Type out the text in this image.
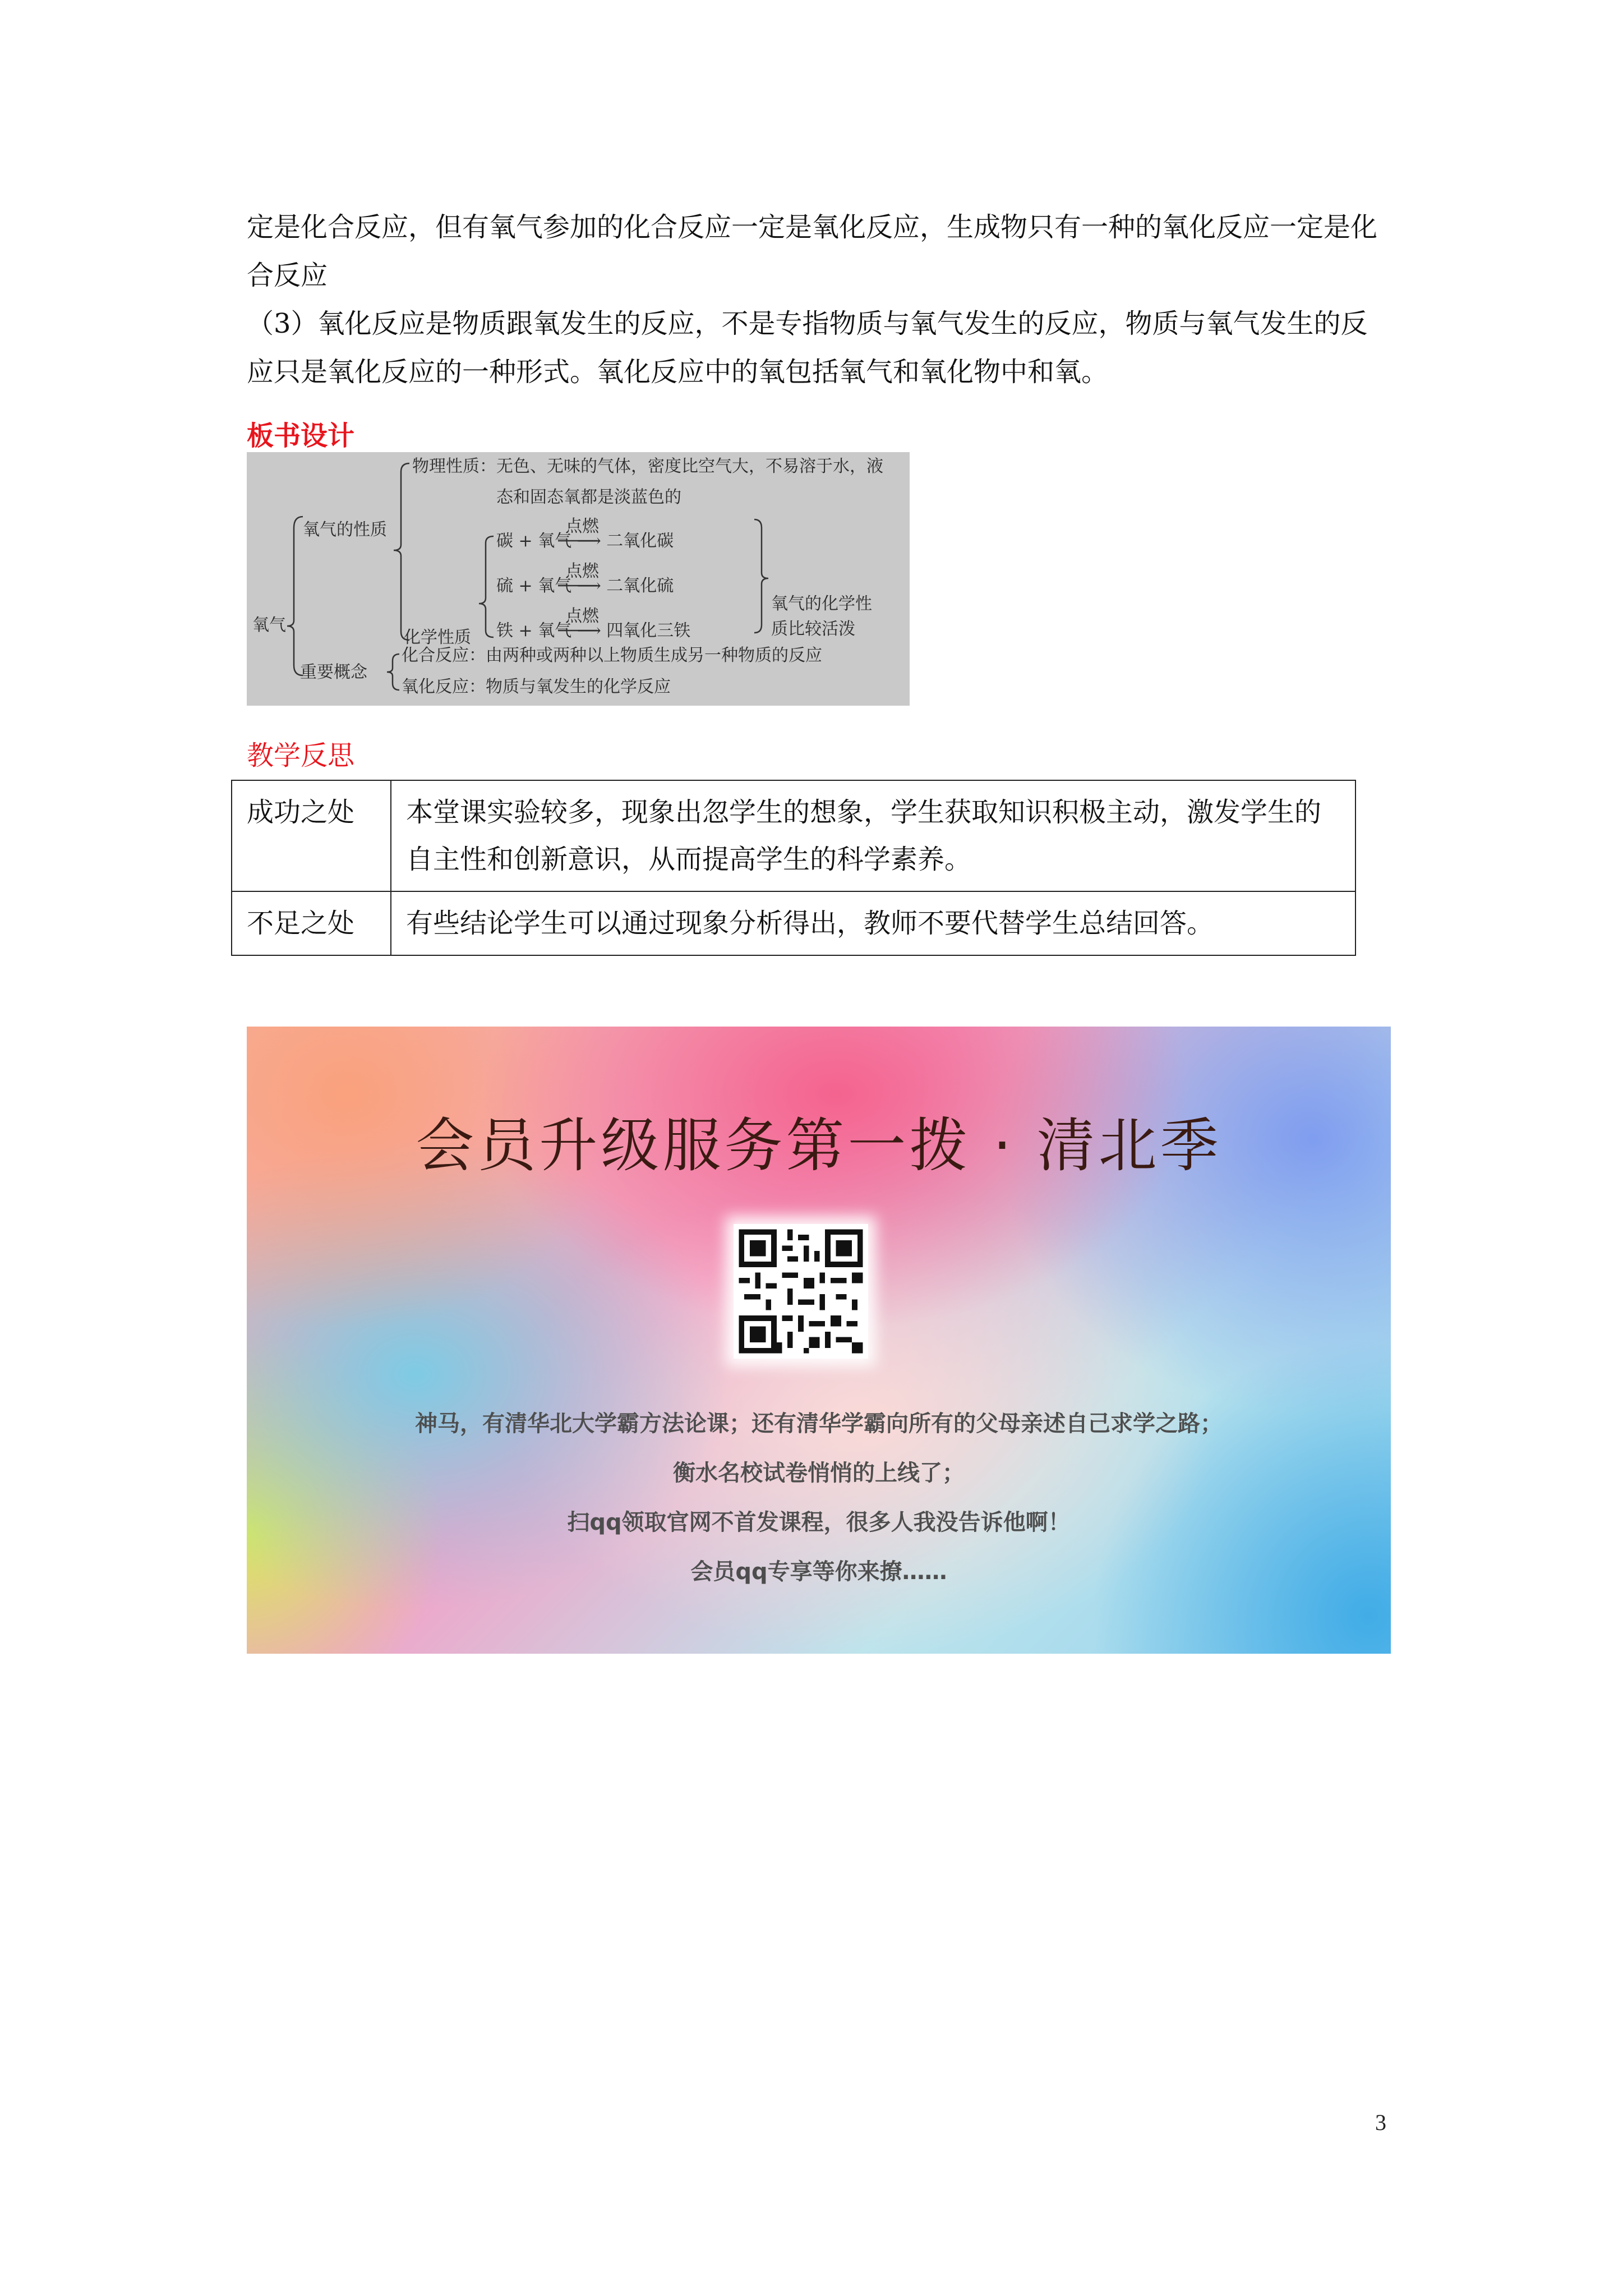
定是化合反应，但有氧气参加的化合反应一定是氧化反应，生成物只有一种的氧化反应一定是化合反应
（3）氧化反应是物质跟氧发生的反应，不是专指物质与氧气发生的反应，物质与氧气发生的反应只是氧化反应的一种形式。氧化反应中的氧包括氧气和氧化物中和氧。
板书设计
氧气
氧气的性质
物理性质：无色、无味的气体，密度比空气大，不易溶于水，液
态和固态氧都是淡蓝色的
点燃
碳 + 氧气 ⟶ 二氧化碳
点燃
硫 + 氧气 ⟶ 二氧化硫
点燃
铁 + 氧气 ⟶ 四氧化三铁
化学性质
氧气的化学性
质比较活泼
重要概念
化合反应：由两种或两种以上物质生成另一种物质的反应
氧化反应：物质与氧发生的化学反应
教学反思
成功之处	本堂课实验较多，现象出忽学生的想象，学生获取知识积极主动，激发学生的自主性和创新意识，从而提高学生的科学素养。
不足之处	有些结论学生可以通过现象分析得出，教师不要代替学生总结回答。
会员升级服务第一拨 · 清北季
神马，有清华北大学霸方法论课；还有清华学霸向所有的父母亲述自己求学之路；
衡水名校试卷悄悄的上线了；
扫qq领取官网不首发课程，很多人我没告诉他啊！
会员qq专享等你来撩……
3
